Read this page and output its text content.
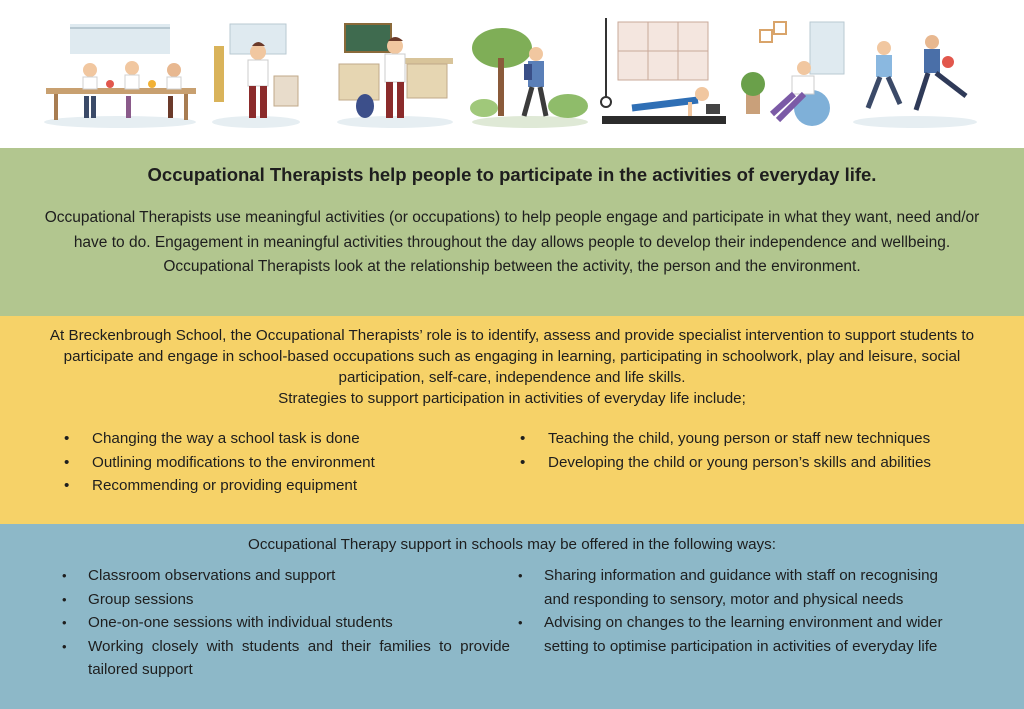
Occupational Therapists help people to participate in the activities of everyday life.

Occupational Therapists use meaningful activities (or occupations) to help people engage and participate in what they want, need and/or have to do. Engagement in meaningful activities throughout the day allows people to develop their independence and wellbeing. Occupational Therapists look at the relationship between the activity, the person and the environment.

At Breckenbrough School, the Occupational Therapists’ role is to identify, assess and provide specialist intervention to support students to participate and engage in school-based occupations such as engaging in learning, participating in schoolwork, play and leisure, social participation, self-care, independence and life skills.
Strategies to support participation in activities of everyday life include;

• Changing the way a school task is done
• Outlining modifications to the environment
• Recommending or providing equipment
• Teaching the child, young person or staff new techniques
• Developing the child or young person’s skills and abilities

Occupational Therapy support in schools may be offered in the following ways:

• Classroom observations and support
• Group sessions
• One-on-one sessions with individual students
• Working closely with students and their families to provide tailored support
• Sharing information and guidance with staff on recognising and responding to sensory, motor and physical needs
• Advising on changes to the learning environment and wider setting to optimise participation in activities of everyday life
